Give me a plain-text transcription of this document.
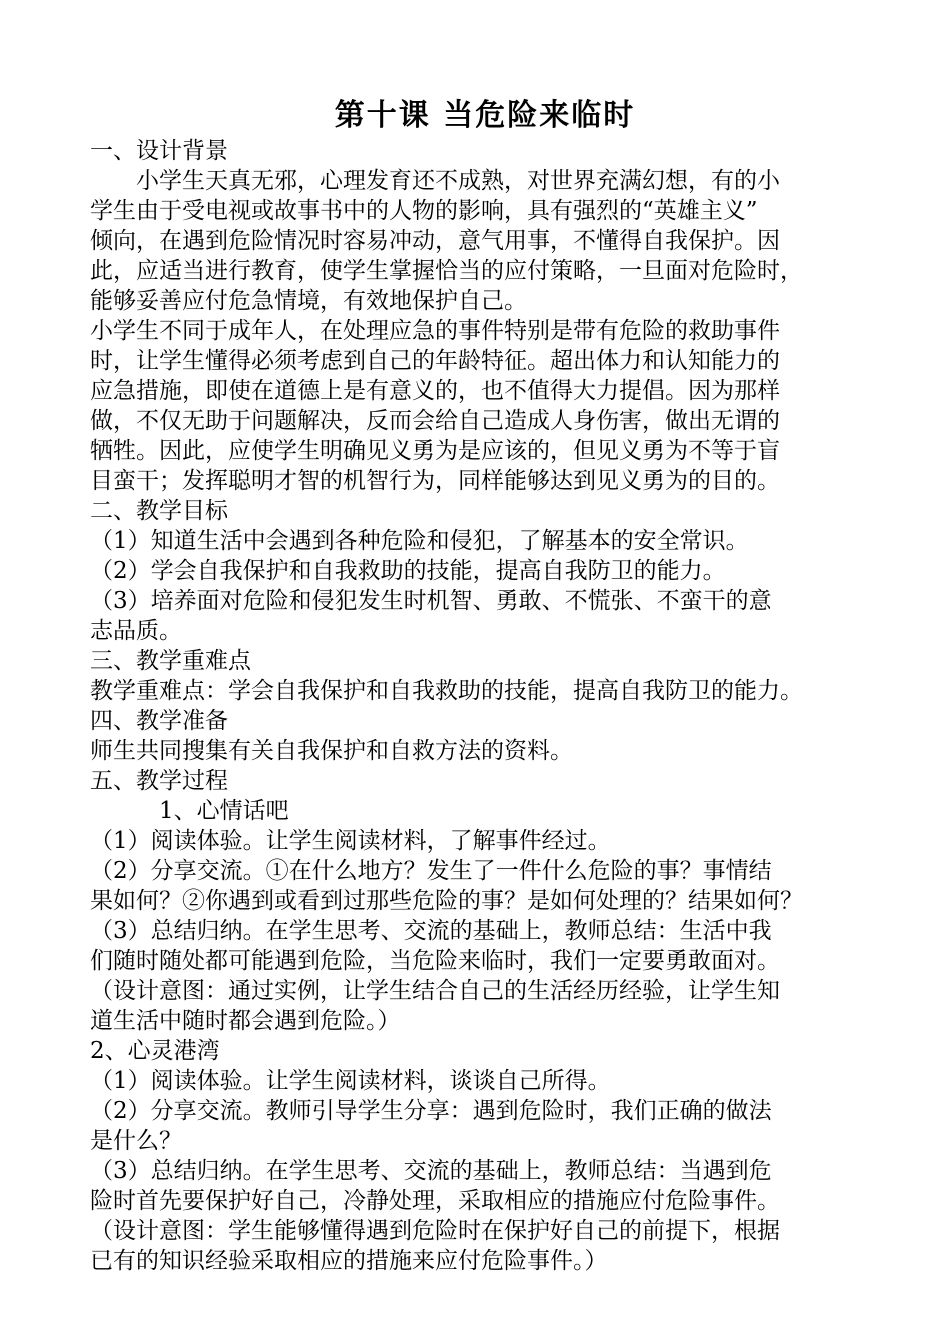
第十课 当危险来临时

一、设计背景

　　小学生天真无邪，心理发育还不成熟，对世界充满幻想，有的小

学生由于受电视或故事书中的人物的影响，具有强烈的“英雄主义”

倾向，在遇到危险情况时容易冲动，意气用事，不懂得自我保护。因

此，应适当进行教育，使学生掌握恰当的应付策略，一旦面对危险时，

能够妥善应付危急情境，有效地保护自己。

小学生不同于成年人，在处理应急的事件特别是带有危险的救助事件

时，让学生懂得必须考虑到自己的年龄特征。超出体力和认知能力的

应急措施，即使在道德上是有意义的，也不值得大力提倡。因为那样

做，不仅无助于问题解决，反而会给自己造成人身伤害，做出无谓的

牺牲。因此，应使学生明确见义勇为是应该的，但见义勇为不等于盲

目蛮干；发挥聪明才智的机智行为，同样能够达到见义勇为的目的。

二、教学目标

（1）知道生活中会遇到各种危险和侵犯，了解基本的安全常识。

（2）学会自我保护和自我救助的技能，提高自我防卫的能力。

（3）培养面对危险和侵犯发生时机智、勇敢、不慌张、不蛮干的意

志品质。

三、教学重难点

教学重难点：学会自我保护和自我救助的技能，提高自我防卫的能力。

四、教学准备

师生共同搜集有关自我保护和自救方法的资料。

五、教学过程

　　　1、心情话吧

（1）阅读体验。让学生阅读材料，了解事件经过。

（2）分享交流。①在什么地方？发生了一件什么危险的事？事情结

果如何？②你遇到或看到过那些危险的事？是如何处理的？结果如何？

（3）总结归纳。在学生思考、交流的基础上，教师总结：生活中我

们随时随处都可能遇到危险，当危险来临时，我们一定要勇敢面对。

（设计意图：通过实例，让学生结合自己的生活经历经验，让学生知

道生活中随时都会遇到危险。）

2、心灵港湾

（1）阅读体验。让学生阅读材料，谈谈自己所得。

（2）分享交流。教师引导学生分享：遇到危险时，我们正确的做法

是什么？

（3）总结归纳。在学生思考、交流的基础上，教师总结：当遇到危

险时首先要保护好自己，冷静处理，采取相应的措施应付危险事件。

（设计意图：学生能够懂得遇到危险时在保护好自己的前提下，根据

已有的知识经验采取相应的措施来应付危险事件。）
